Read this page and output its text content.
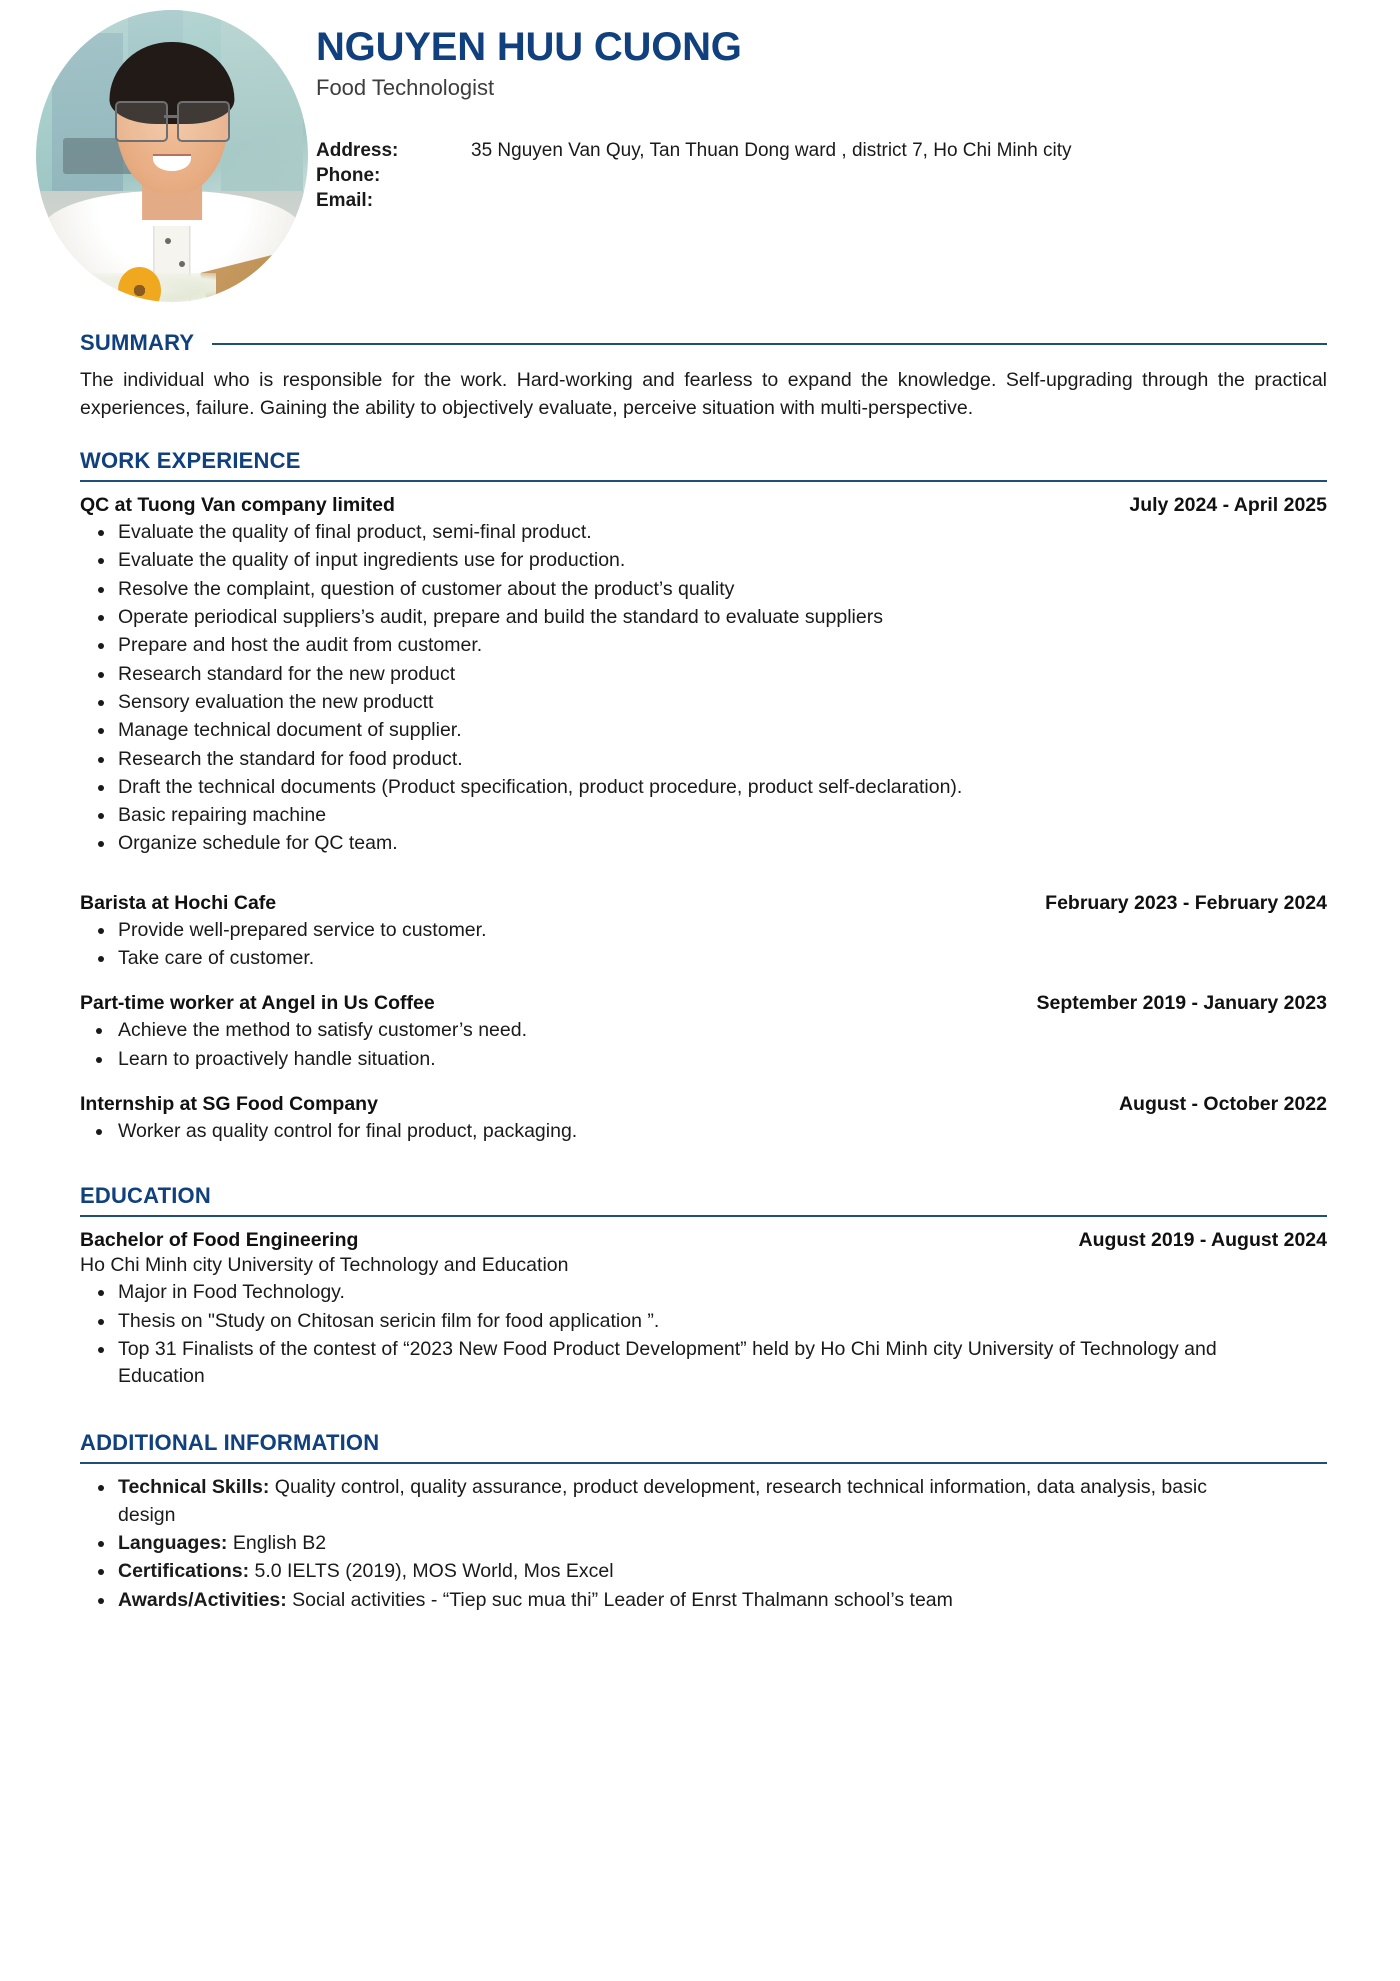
NGUYEN HUU CUONG
Food Technologist
Address:	35 Nguyen Van Quy, Tan Thuan Dong ward , district 7, Ho Chi Minh city
Phone:
Email:
SUMMARY
The individual who is responsible for the work. Hard-working and fearless to expand the knowledge. Self-upgrading through the practical experiences, failure. Gaining the ability to objectively evaluate, perceive situation with multi-perspective.
WORK EXPERIENCE
QC at Tuong Van company limited	July 2024 - April 2025
Evaluate the quality of final product, semi-final product.
Evaluate the quality of input ingredients use for production.
Resolve the complaint, question of customer about the product’s quality
Operate periodical suppliers’s audit, prepare and build the standard to evaluate suppliers
Prepare and host the audit from customer.
Research standard for the new product
Sensory evaluation the new productt
Manage technical document of supplier.
Research the standard for food product.
Draft the technical documents (Product specification, product procedure, product self-declaration).
Basic repairing machine
Organize schedule for QC team.
Barista at Hochi Cafe	February 2023 - February 2024
Provide well-prepared service to customer.
Take care of customer.
Part-time worker at Angel in Us Coffee	September 2019 - January 2023
Achieve the method to satisfy customer’s need.
Learn to proactively handle situation.
Internship at SG Food Company	August - October 2022
Worker as quality control for final product, packaging.
EDUCATION
Bachelor of Food Engineering	August 2019 - August 2024
Ho Chi Minh city University of Technology and Education
Major in Food Technology.
Thesis on "Study on Chitosan sericin film for food application ”.
Top 31 Finalists of the contest of “2023 New Food Product Development” held by Ho Chi Minh city University of Technology and Education
ADDITIONAL INFORMATION
Technical Skills: Quality control, quality assurance, product development, research technical information, data analysis, basic design
Languages: English B2
Certifications: 5.0 IELTS (2019), MOS World, Mos Excel
Awards/Activities: Social activities - “Tiep suc mua thi” Leader of Enrst Thalmann school’s team
